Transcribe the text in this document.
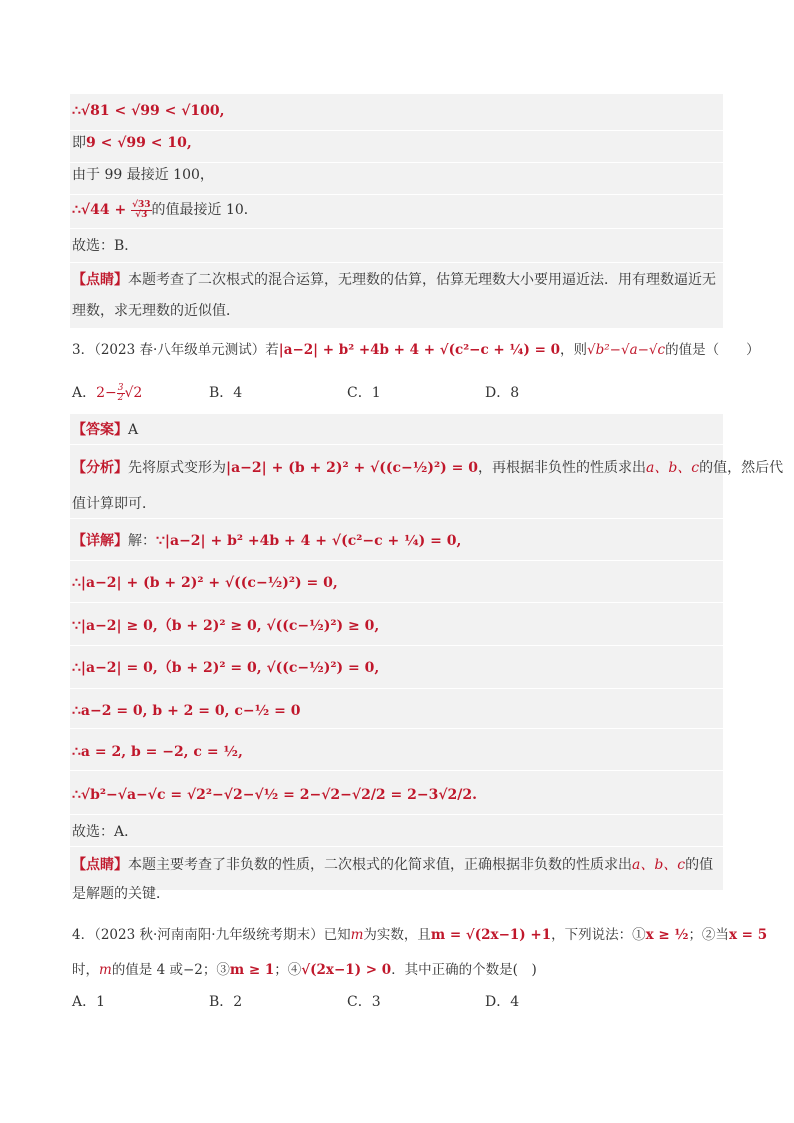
∴√81 < √99 < √100,
即9 < √99 < 10,
由于 99 最接近 100，
∴√44 + $\frac{√33}{√3}$ 的值最接近 10．
故选：B．
【点睛】本题考查了二次根式的混合运算，无理数的估算，估算无理数大小要用逼近法．用有理数逼近无
理数，求无理数的近似值．
3．（2023 春·八年级单元测试）若|a−2| + b² +4b + 4 + √(c²−c + ¼) = 0，则√b²−√a−√c的值是（　　）
A．$2- \frac{3}{2} √2$	B．4	C．1	D．8
【答案】A
【分析】先将原式变形为|a−2| + (b + 2)² + √((c−½)²) = 0，再根据非负性的性质求出a、b、c的值，然后代
值计算即可．
【详解】解：∵|a−2| + b² +4b + 4 + √(c²−c + ¼) = 0,
∴|a−2| + (b + 2)² + √((c−½)²) = 0,
∵|a−2| ≥ 0,（b + 2)² ≥ 0, √((c−½)²) ≥ 0,
∴|a−2| = 0,（b + 2)² = 0, √((c−½)²) = 0,
∴a−2 = 0, b + 2 = 0, c−½ = 0
∴a = 2, b = −2, c = ½,
∴√b²−√a−√c = √2²−√2−√½ = 2−√2−√2/2 = 2−3√2/2.
故选：A．
【点睛】本题主要考查了非负数的性质，二次根式的化简求值，正确根据非负数的性质求出a、b、c的值
是解题的关键．
4．（2023 秋·河南南阳·九年级统考期末）已知m为实数，且m = √(2x−1) +1，下列说法：①x ≥ ½；②当x = 5
时，m的值是 4 或−2；③m ≥ 1；④√(2x−1) > 0．其中正确的个数是(　)
A．1	B．2	C．3	D．4
